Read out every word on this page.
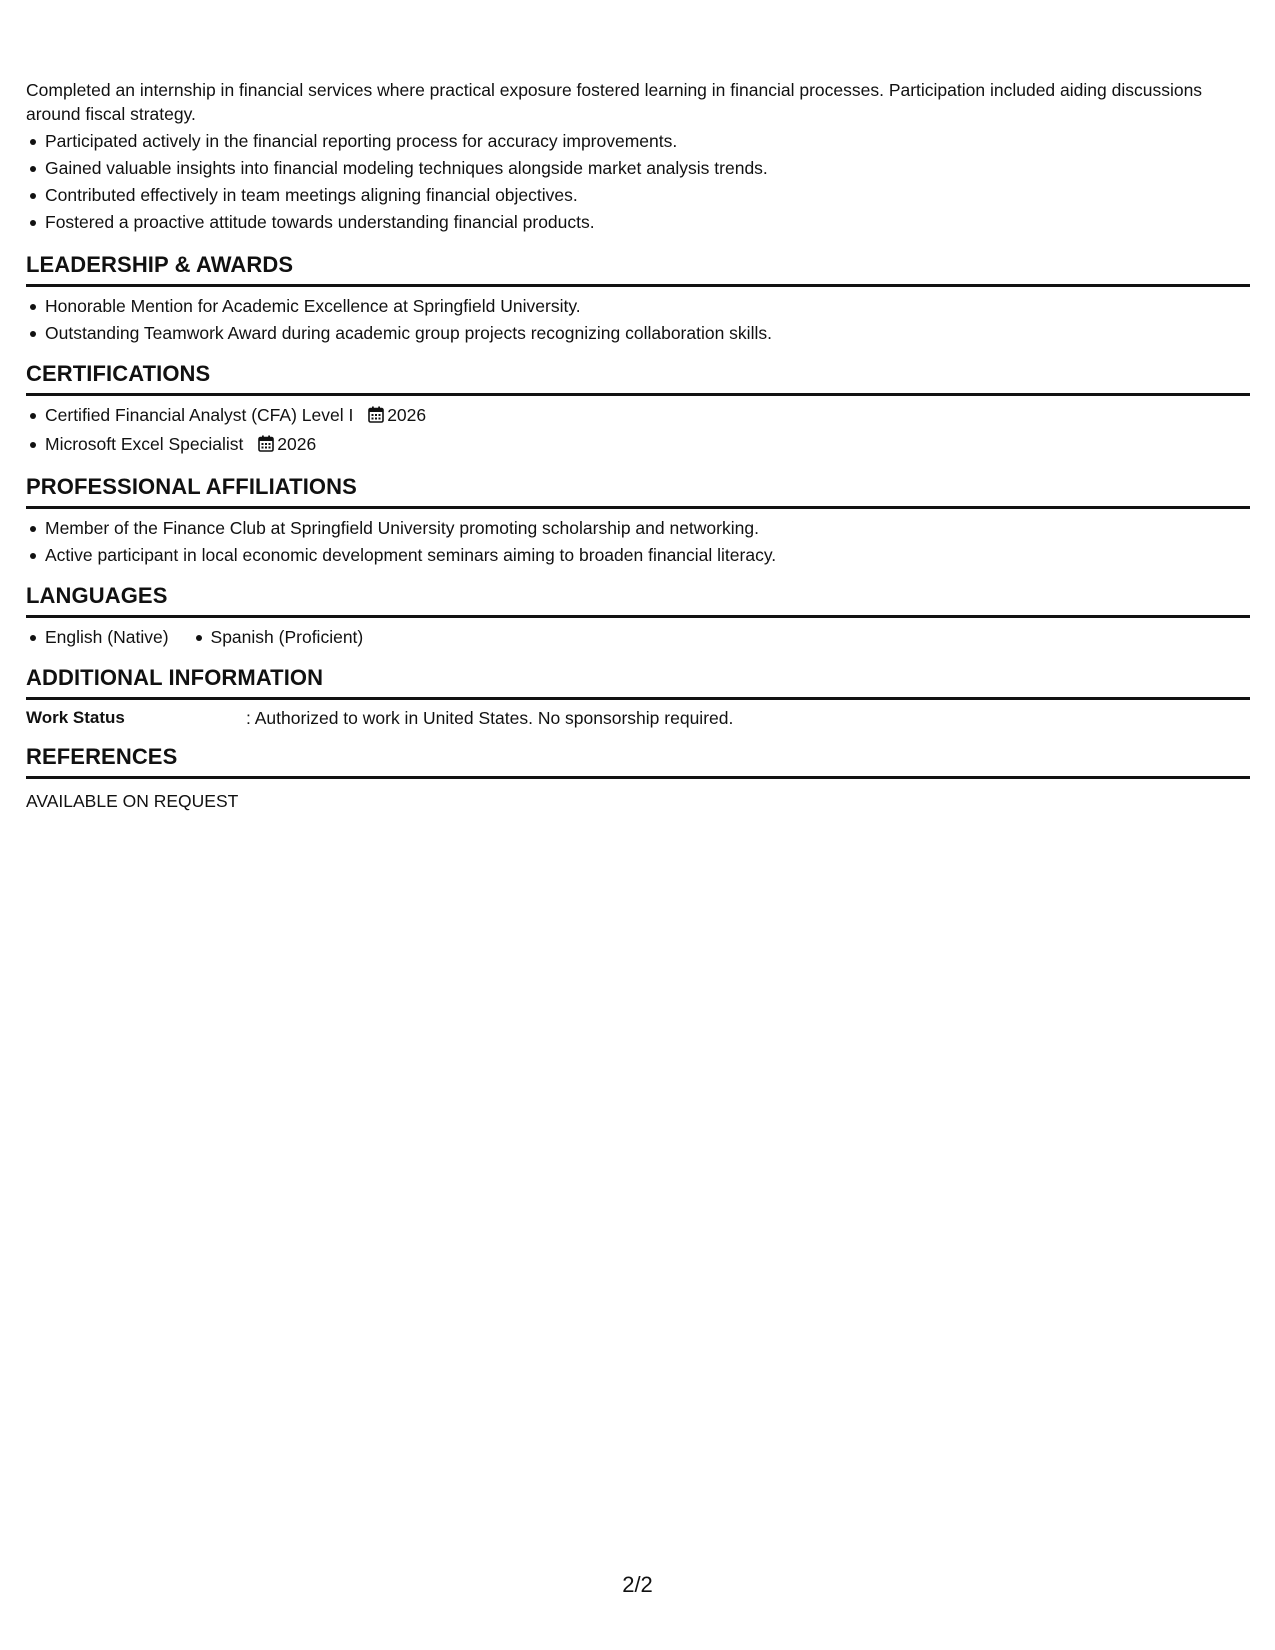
Completed an internship in financial services where practical exposure fostered learning in financial processes. Participation included aiding discussions around fiscal strategy.

Participated actively in the financial reporting process for accuracy improvements.
Gained valuable insights into financial modeling techniques alongside market analysis trends.
Contributed effectively in team meetings aligning financial objectives.
Fostered a proactive attitude towards understanding financial products.
LEADERSHIP & AWARDS
Honorable Mention for Academic Excellence at Springfield University.
Outstanding Teamwork Award during academic group projects recognizing collaboration skills.
CERTIFICATIONS
Certified Financial Analyst (CFA) Level I 2026
Microsoft Excel Specialist 2026
PROFESSIONAL AFFILIATIONS
Member of the Finance Club at Springfield University promoting scholarship and networking.
Active participant in local economic development seminars aiming to broaden financial literacy.
LANGUAGES
English (Native) Spanish (Proficient)
ADDITIONAL INFORMATION
Work Status	: Authorized to work in United States. No sponsorship required.
REFERENCES
AVAILABLE ON REQUEST
2/2
